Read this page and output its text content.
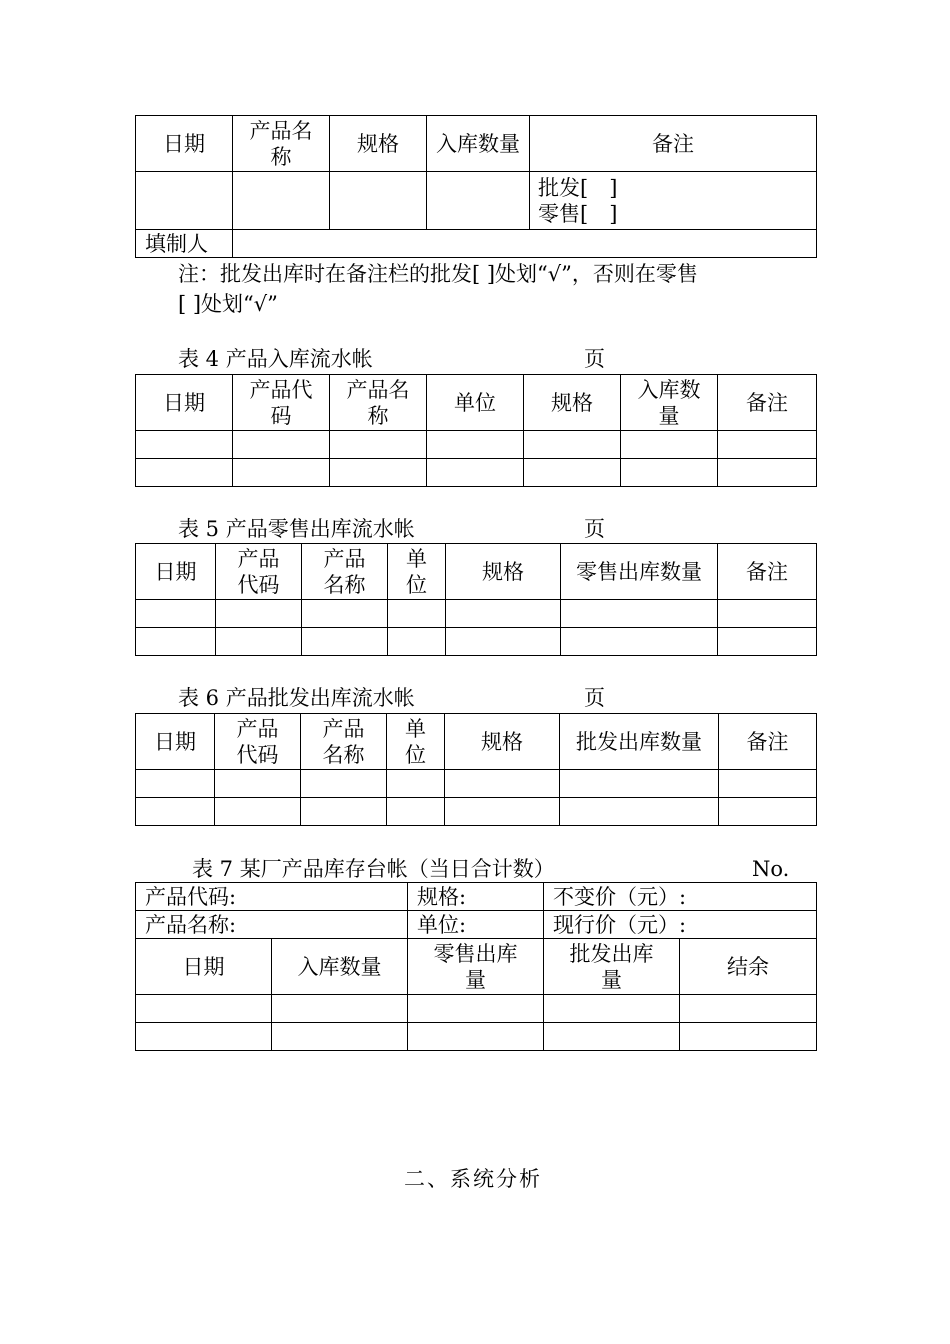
日期	产品名称	规格	入库数量	备注

				批发[　]
零售[　]

填制人				
注：批发出库时在备注栏的批发[ ]处划“√”，否则在零售
[ ]处划“√”
表 4 产品入库流水帐	页
日期	产品代码	产品名称	单位	规格	入库数量	备注

表 5 产品零售出库流水帐	页
日期	产品代码	产品名称	单位	规格	零售出库数量	备注

表 6 产品批发出库流水帐	页
日期	产品代码	产品名称	单位	规格	批发出库数量	备注

表 7 某厂产品库存台帐（当日合计数）	No.
产品代码:		规格:	不变价（元）:	
产品名称:		单位:	现行价（元）:	
日期	入库数量	零售出库量	批发出库量	结余

二、系统分析
